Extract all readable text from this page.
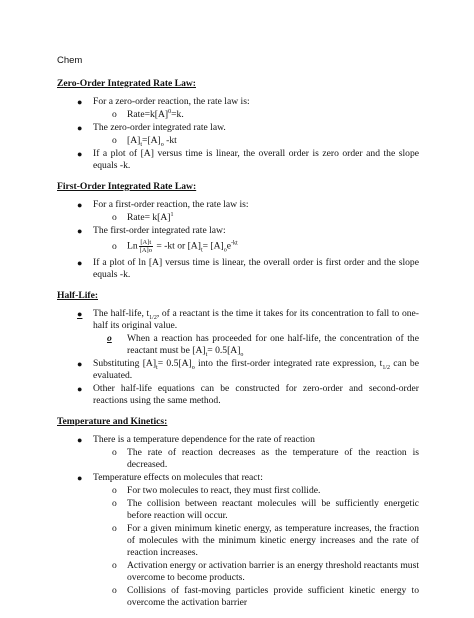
Chem
Zero-Order Integrated Rate Law:
● For a zero-order reaction, the rate law is:
o $Rate=k[A]^0=k$.
● The zero-order integrated rate law.
o $[A]_t=[A]_o$ -kt
● If a plot of [A] versus time is linear, the overall order is zero order and the slope equals -k.
First-Order Integrated Rate Law:
● For a first-order reaction, the rate law is:
o Rate= $k[A]^1$
● The first-order integrated rate law:
o Ln $\frac{[A]t}{[A]o} = -kt$ or $[A]_t= [A]_oe^{-kt}$
● If a plot of ln [A] versus time is linear, the overall order is first order and the slope equals -k.
Half-Life:
● The half-life, $t_{1/2}$, of a reactant is the time it takes for its concentration to fall to one-half its original value.
o When a reaction has proceeded for one half-life, the concentration of the reactant must be $[A]_t= 0.5[A]_o$
● Substituting $[A]_t= 0.5[A]_o$ into the first-order integrated rate expression, $t_{1/2}$ can be evaluated.
● Other half-life equations can be constructed for zero-order and second-order reactions using the same method.
Temperature and Kinetics:
● There is a temperature dependence for the rate of reaction
o The rate of reaction decreases as the temperature of the reaction is decreased.
● Temperature effects on molecules that react:
o For two molecules to react, they must first collide.
o The collision between reactant molecules will be sufficiently energetic before reaction will occur.
o For a given minimum kinetic energy, as temperature increases, the fraction of molecules with the minimum kinetic energy increases and the rate of reaction increases.
o Activation energy or activation barrier is an energy threshold reactants must overcome to become products.
o Collisions of fast-moving particles provide sufficient kinetic energy to overcome the activation barrier
